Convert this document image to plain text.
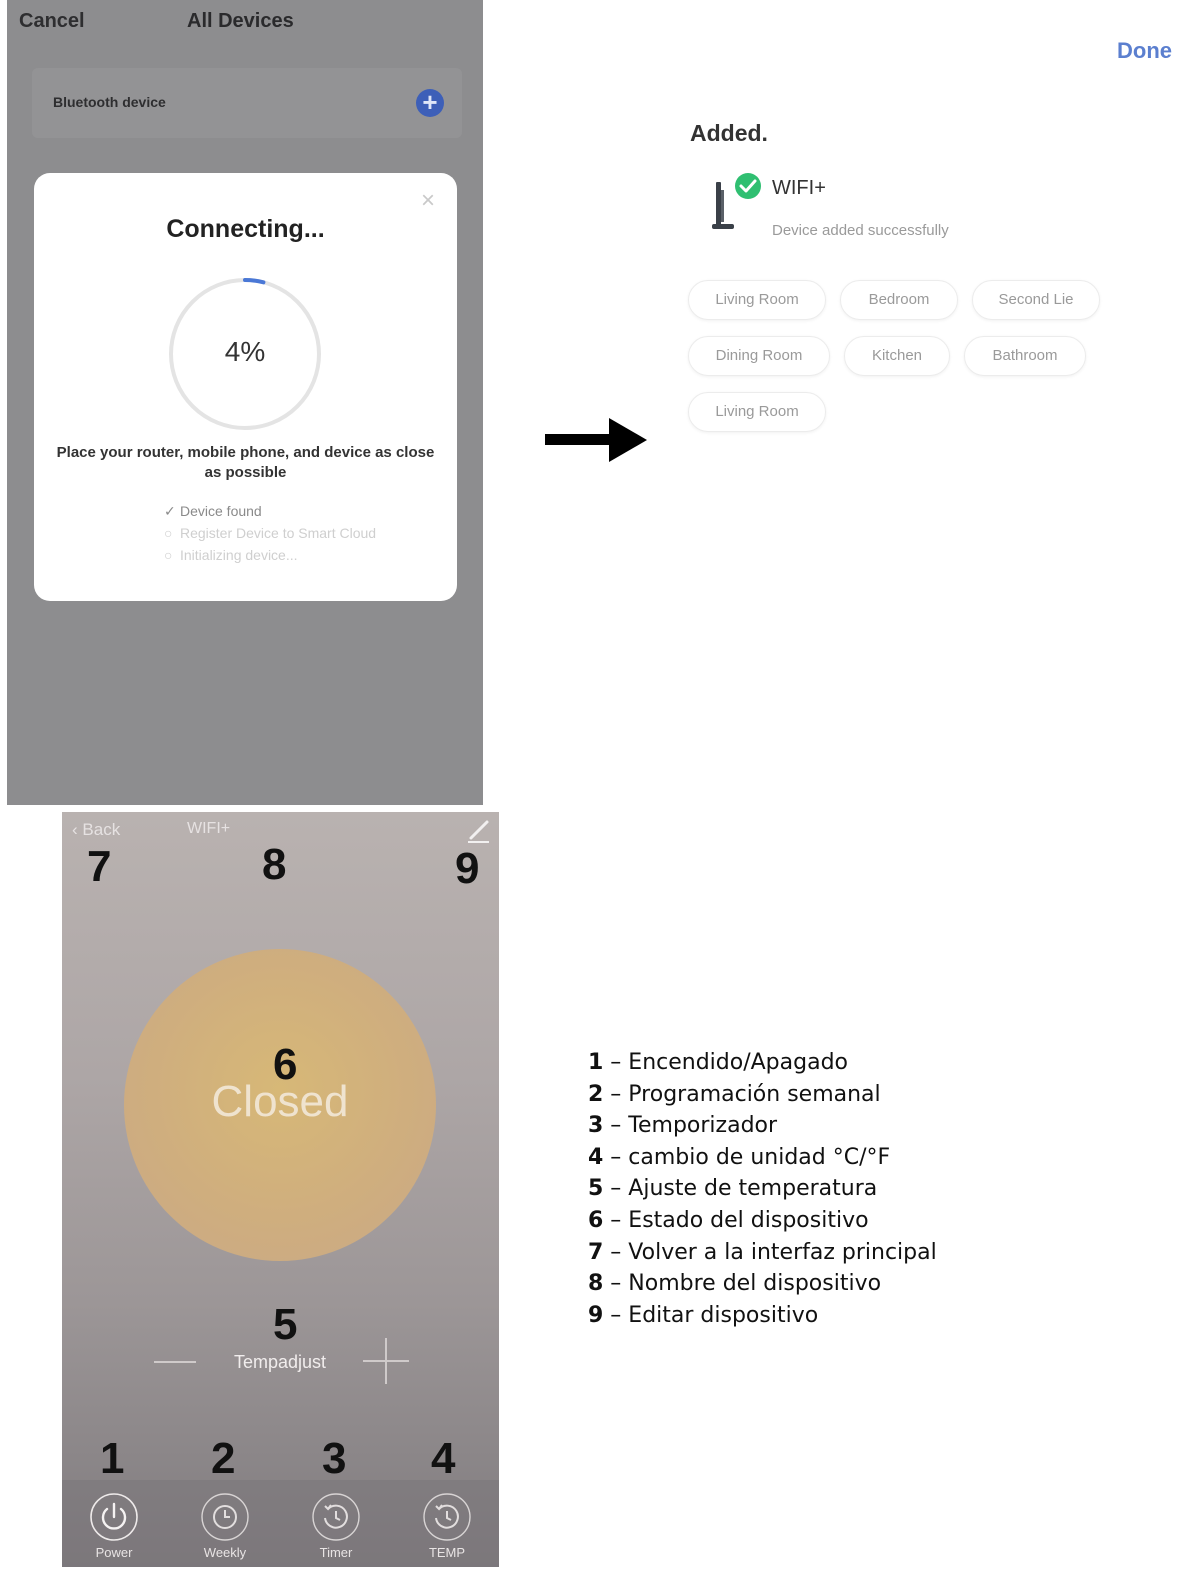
Cancel	All Devices
Bluetooth device	+
×
Connecting...
4%
Place your router, mobile phone, and device as close as possible
✓ Device found
○ Register Device to Smart Cloud
○ Initializing device...
Done
Added.
WIFI+
Device added successfully
Living Room	Bedroom	Second Lie
Dining Room	Kitchen	Bathroom
Living Room
‹ Back	WIFI+
Closed
Tempadjust
Power	Weekly	Timer	TEMP
7	8	9
6
5
1 2 3 4
1 – Encendido/Apagado
2 – Programación semanal
3 – Temporizador
4 – cambio de unidad °C/°F
5 – Ajuste de temperatura
6 – Estado del dispositivo
7 – Volver a la interfaz principal
8 – Nombre del dispositivo
9 – Editar dispositivo
